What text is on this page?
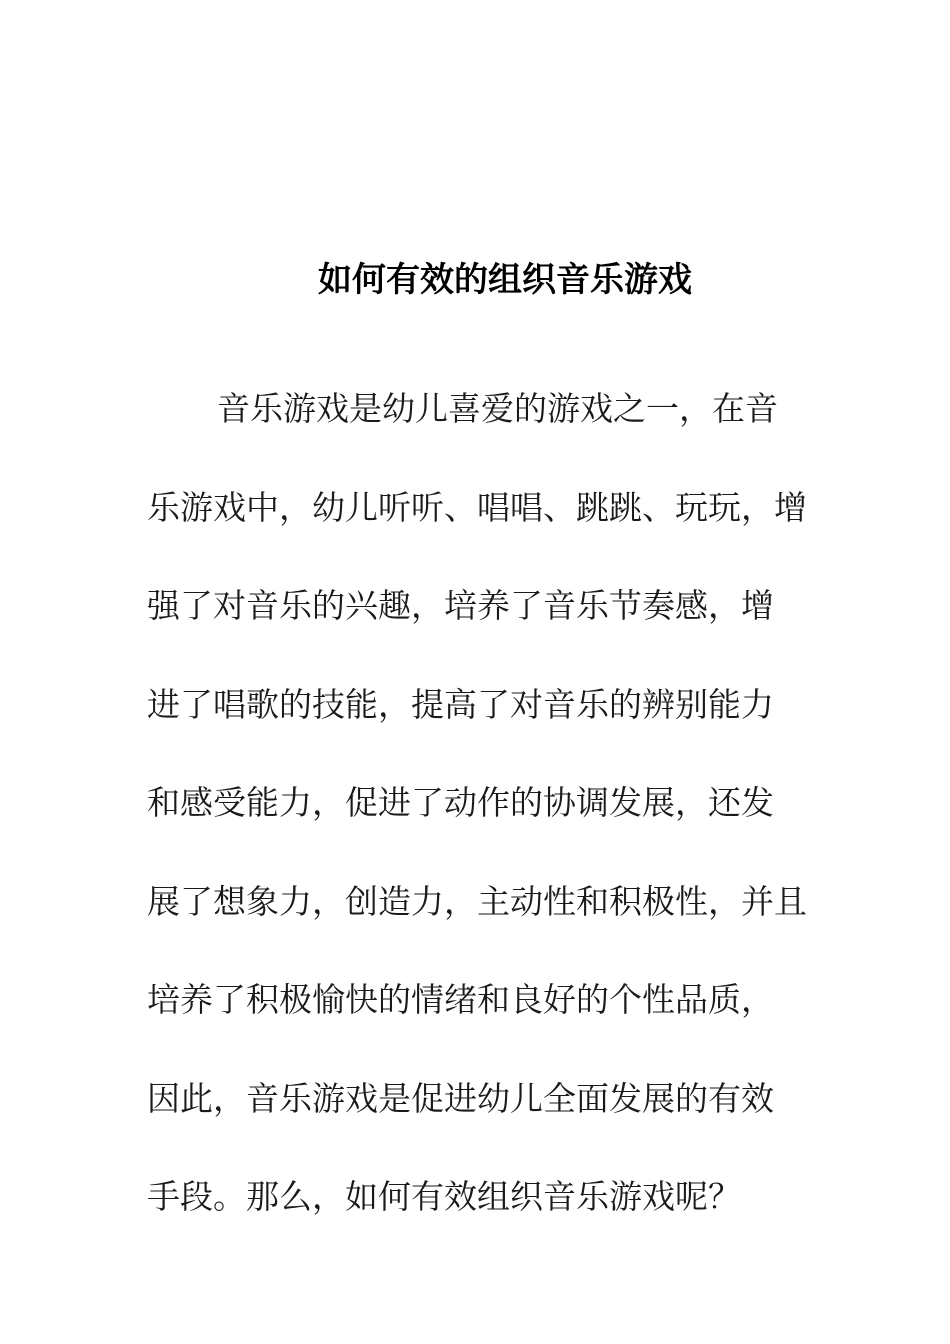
如何有效的组织音乐游戏
音乐游戏是幼儿喜爱的游戏之一，在音
乐游戏中，幼儿听听、唱唱、跳跳、玩玩，增
强了对音乐的兴趣，培养了音乐节奏感，增
进了唱歌的技能，提高了对音乐的辨别能力
和感受能力，促进了动作的协调发展，还发
展了想象力，创造力，主动性和积极性，并且
培养了积极愉快的情绪和良好的个性品质，
因此，音乐游戏是促进幼儿全面发展的有效
手段。那么，如何有效组织音乐游戏呢？
